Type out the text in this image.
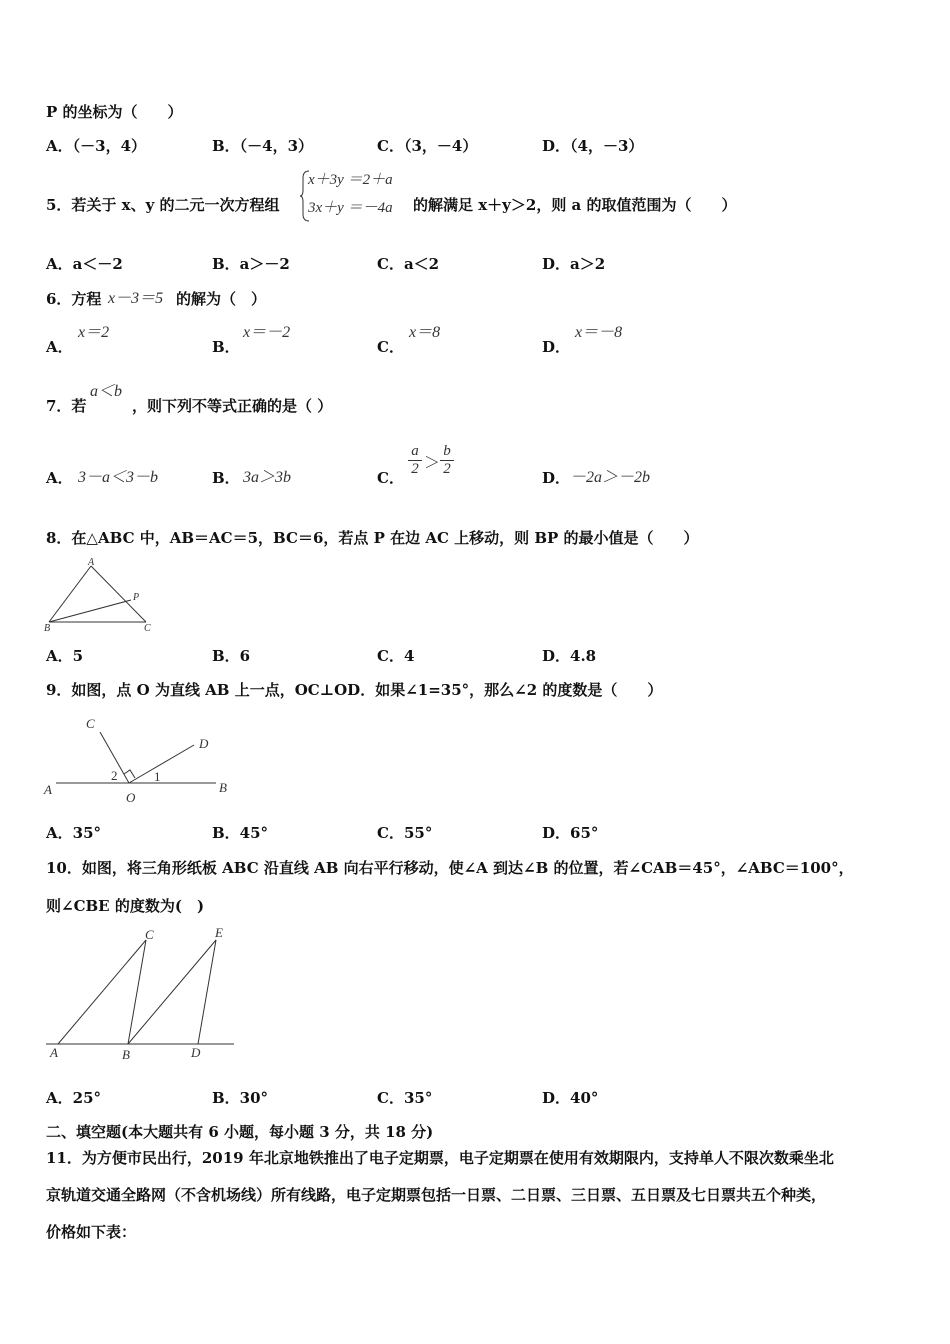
P 的坐标为（　　）
A．（－3，4）	B．（－4，3）	C．（3，－4）	D．（4，－3）
5．若关于 x、y 的二元一次方程组
x＋3y ＝2＋a
3x＋y ＝－4a 的解满足 x＋y＞2，则 a 的取值范围为（　　）
A．a＜－2	B．a＞－2	C．a＜2	D．a＞2
6．方程 x－3＝5 的解为（　）
A．
x＝2
B．
x＝－2
C．
x＝8
D．
x＝－8
7．若
a＜b
，则下列不等式正确的是（ ）
A． 3－a＜3－b	B． 3a＞3b	C．
a
2 ＞
b
2	D． －2a＞－2b
8．在△ABC 中，AB＝AC＝5，BC＝6，若点 P 在边 AC 上移动，则 BP 的最小值是（　　）
A
B	C
P
A．5	B．6	C．4	D．4.8
9．如图，点 O 为直线 AB 上一点，OC⊥OD．如果∠1=35°，那么∠2 的度数是（　　）
C
D
A	B
O
1
2
A．35°	B．45°	C．55°	D．65°
10．如图，将三角形纸板 ABC 沿直线 AB 向右平行移动，使∠A 到达∠B 的位置，若∠CAB＝45°，∠ABC＝100°，
则∠CBE 的度数为(　)
C	E
A	B	D
A．25°	B．30°	C．35°	D．40°
二、填空题(本大题共有 6 小题，每小题 3 分，共 18 分)
11．为方便市民出行，2019 年北京地铁推出了电子定期票，电子定期票在使用有效期限内，支持单人不限次数乘坐北
京轨道交通全路网（不含机场线）所有线路，电子定期票包括一日票、二日票、三日票、五日票及七日票共五个种类，
价格如下表：
